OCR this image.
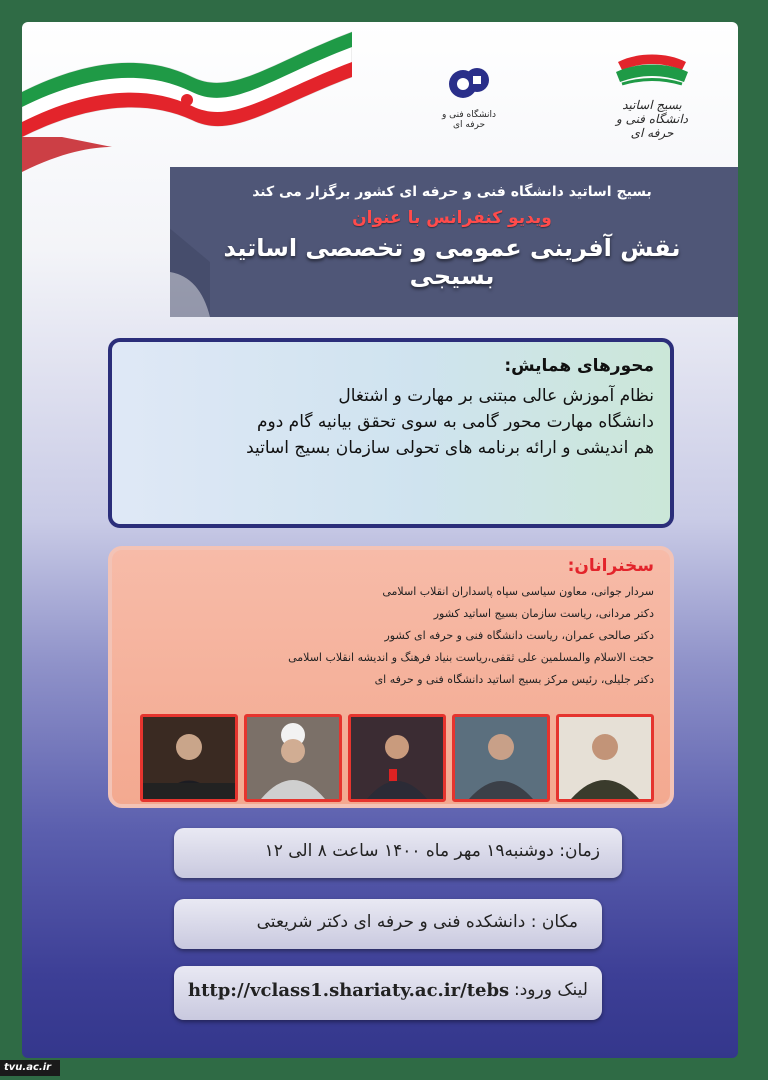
دانشگاه فنی و حرفه ای
بسیج اساتید
دانشگاه فنی و حرفه ای
بسیج اساتید دانشگاه فنی و حرفه ای کشور برگزار می کند
ویدیو کنفرانس با عنوان
نقش آفرینی عمومی و تخصصی اساتید بسیجی
محورهای همایش:
نظام آموزش عالی مبتنی بر مهارت و اشتغال
دانشگاه مهارت محور گامی به سوی تحقق بیانیه گام دوم
هم اندیشی و ارائه برنامه های تحولی سازمان بسیج اساتید
سخنرانان:
سردار جوانی، معاون سیاسی سپاه پاسداران انقلاب اسلامی
دکتر مردانی، ریاست سازمان بسیج اساتید کشور
دکتر صالحی عمران، ریاست دانشگاه فنی و حرفه ای کشور
حجت الاسلام والمسلمین علی ثقفی،ریاست بنیاد فرهنگ و اندیشه انقلاب اسلامی
دکتر جلیلی، رئیس مرکز بسیج اساتید دانشگاه فنی و حرفه ای
زمان: دوشنبه۱۹ مهر ماه ۱۴۰۰ ساعت ۸ الی ۱۲
مکان : دانشکده فنی و حرفه ای دکتر شریعتی
لینک ورود:
http://vclass1.shariaty.ac.ir/tebs
tvu.ac.ir
